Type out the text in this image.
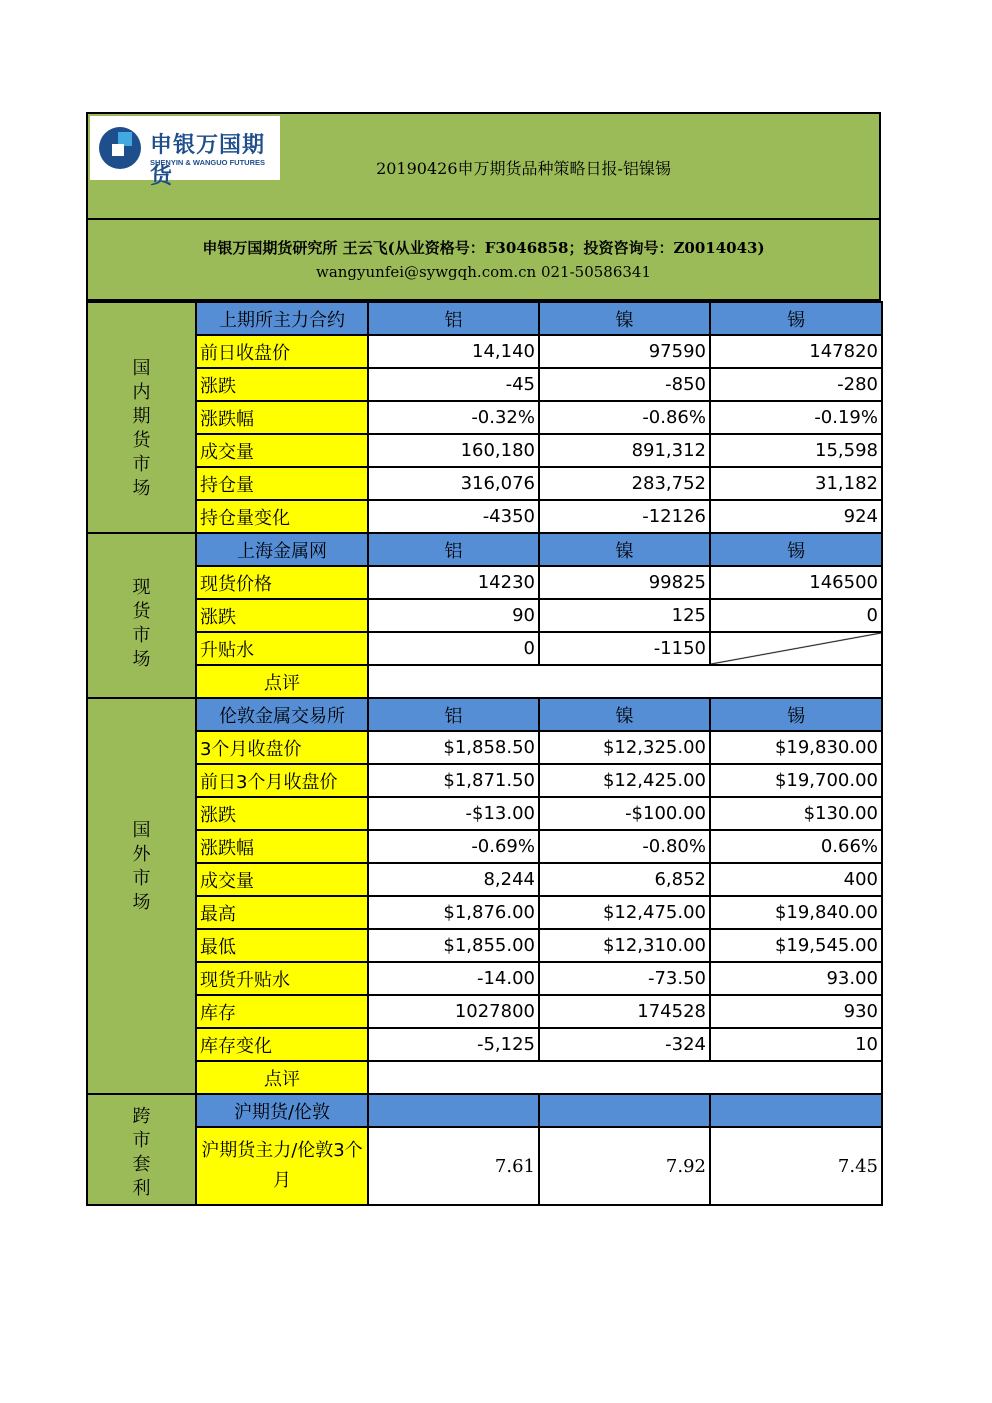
申银万国期货
SHENYIN & WANGUO FUTURES	20190426申万期货品种策略日报-铝镍锡
申银万国期货研究所 王云飞(从业资格号：F3046858；投资咨询号：Z0014043)
wangyunfei@sywgqh.com.cn 021-50586341
国内期货市场	上期所主力合约	铝	镍	锡
	前日收盘价	14,140	97590	147820
	涨跌	-45	-850	-280
	涨跌幅	-0.32%	-0.86%	-0.19%
	成交量	160,180	891,312	15,598
	持仓量	316,076	283,752	31,182
	持仓量变化	-4350	-12126	924
现货市场	上海金属网	铝	镍	锡
	现货价格	14230	99825	146500
	涨跌	90	125	0
	升贴水	0	-1150	
	点评			
国外市场	伦敦金属交易所	铝	镍	锡
	3个月收盘价	$1,858.50	$12,325.00	$19,830.00
	前日3个月收盘价	$1,871.50	$12,425.00	$19,700.00
	涨跌	-$13.00	-$100.00	$130.00
	涨跌幅	-0.69%	-0.80%	0.66%
	成交量	8,244	6,852	400
	最高	$1,876.00	$12,475.00	$19,840.00
	最低	$1,855.00	$12,310.00	$19,545.00
	现货升贴水	-14.00	-73.50	93.00
	库存	1027800	174528	930
	库存变化	-5,125	-324	10
	点评			
跨市套利	沪期货/伦敦			
	沪期货主力/伦敦3个月	7.61	7.92	7.45
